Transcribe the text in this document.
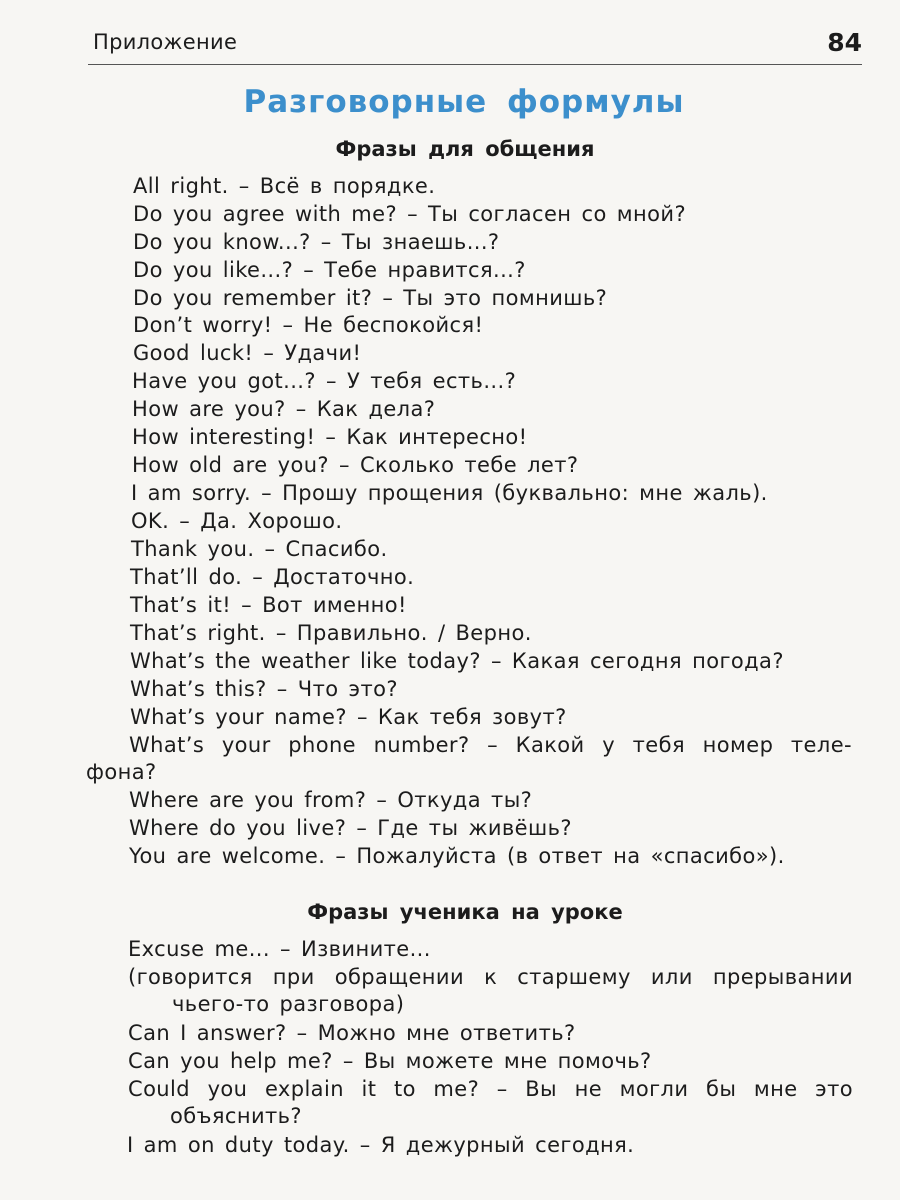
Приложение	84
Разговорные формулы
Фразы для общения
All right. – Всё в порядке.
Do you agree with me? – Ты согласен со мной?
Do you know...? – Ты знаешь...?
Do you like...? – Тебе нравится...?
Do you remember it? – Ты это помнишь?
Don’t worry! – Не беспокойся!
Good luck! – Удачи!
Have you got...? – У тебя есть...?
How are you? – Как дела?
How interesting! – Как интересно!
How old are you? – Сколько тебе лет?
I am sorry. – Прошу прощения (буквально: мне жаль).
OK. – Да. Хорошо.
Thank you. – Спасибо.
That’ll do. – Достаточно.
That’s it! – Вот именно!
That’s right. – Правильно. / Верно.
What’s the weather like today? – Какая сегодня погода?
What’s this? – Что это?
What’s your name? – Как тебя зовут?
What’s your phone number? – Какой у тебя номер теле-
фона?
Where are you from? – Откуда ты?
Where do you live? – Где ты живёшь?
You are welcome. – Пожалуйста (в ответ на «спасибо»).
Фразы ученика на уроке
Excuse me... – Извините...
(говорится при обращении к старшему или прерывании
чьего-то разговора)
Can I answer? – Можно мне ответить?
Can you help me? – Вы можете мне помочь?
Could you explain it to me? – Вы не могли бы мне это
объяснить?
I am on duty today. – Я дежурный сегодня.
